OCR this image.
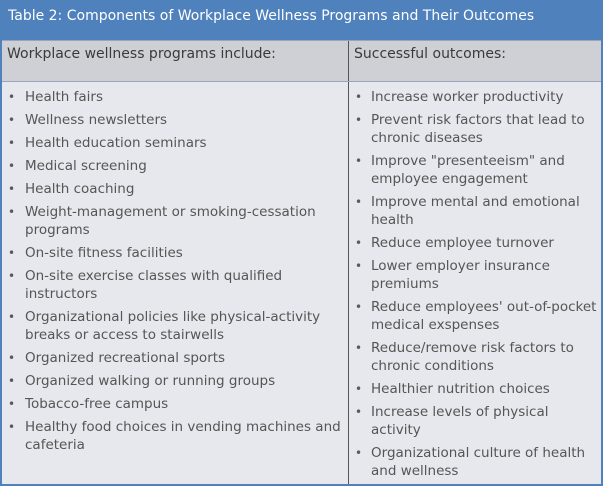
Table 2: Components of Workplace Wellness Programs and Their Outcomes
Workplace wellness programs include:	Successful outcomes:
• Health fairs
• Wellness newsletters
• Health education seminars
• Medical screening
• Health coaching
• Weight-management or smoking-cessation programs
• On-site fitness facilities
• On-site exercise classes with qualified instructors
• Organizational policies like physical-activity breaks or access to stairwells
• Organized recreational sports
• Organized walking or running groups
• Tobacco-free campus
• Healthy food choices in vending machines and cafeteria
• Increase worker productivity
• Prevent risk factors that lead to chronic diseases
• Improve "presenteeism" and employee engagement
• Improve mental and emotional health
• Reduce employee turnover
• Lower employer insurance premiums
• Reduce employees' out-of-pocket medical exspenses
• Reduce/remove risk factors to chronic conditions
• Healthier nutrition choices
• Increase levels of physical activity
• Organizational culture of health and wellness
